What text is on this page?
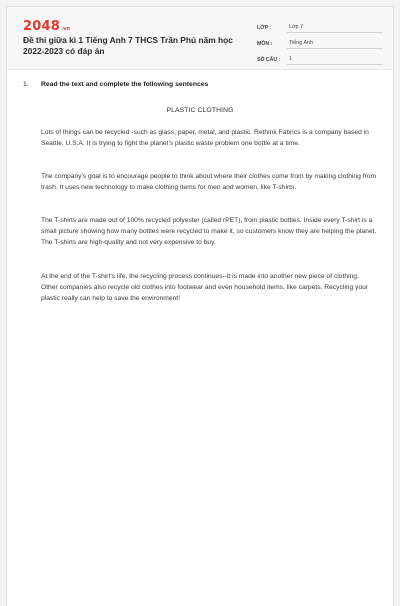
2048.vn
Đề thi giữa kì 1 Tiếng Anh 7 THCS Trần Phú năm học 2022-2023 có đáp án
LỚP :	Lớp 7
MÔN :	Tiếng Anh
SỐ CÂU :	1
1. Read the text and complete the following sentences
PLASTIC CLOTHING

Lots of things can be recycled -such as glass, paper, metal, and plastic. Rethink Fabrics is a company based in Seattle, U.S.A. It is trying to fight the planet's plastic waste problem one bottle at a time.

The company's goal is to encourage people to think about where their clothes come from by making clothing from trash. It uses new technology to make clothing items for men and women, like T-shirts.

The T-shirts are made out of 100% recycled polyester (called rPET), from plastic bottles. Inside every T-shirt is a small picture showing how many bottles were recycled to make it, so customers know they are helping the planet. The T-shirts are high-quality and not very expensive to buy.

At the end of the T-shirt's life, the recycling process continues--it is made into another new piece of clothing. Other companies also recycle old clothes into footwear and even household items, like carpets. Recycling your plastic really can help to save the environment!
